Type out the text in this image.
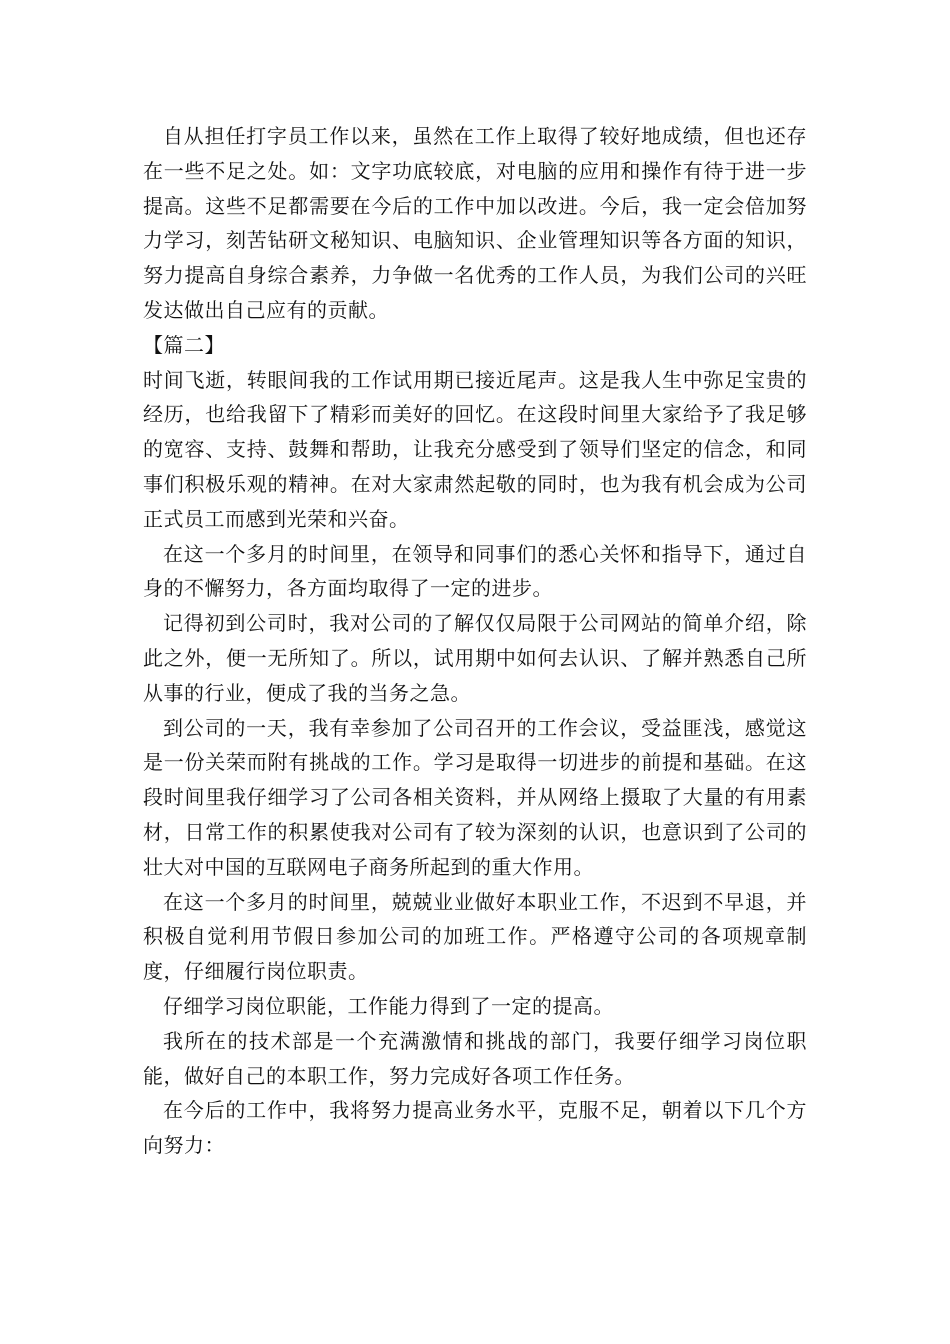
自从担任打字员工作以来，虽然在工作上取得了较好地成绩，但也还存在一些不足之处。如：文字功底较底，对电脑的应用和操作有待于进一步提高。这些不足都需要在今后的工作中加以改进。今后，我一定会倍加努力学习，刻苦钻研文秘知识、电脑知识、企业管理知识等各方面的知识，努力提高自身综合素养，力争做一名优秀的工作人员，为我们公司的兴旺发达做出自己应有的贡献。

【篇二】

时间飞逝，转眼间我的工作试用期已接近尾声。这是我人生中弥足宝贵的经历，也给我留下了精彩而美好的回忆。在这段时间里大家给予了我足够的宽容、支持、鼓舞和帮助，让我充分感受到了领导们坚定的信念，和同事们积极乐观的精神。在对大家肃然起敬的同时，也为我有机会成为公司正式员工而感到光荣和兴奋。

在这一个多月的时间里，在领导和同事们的悉心关怀和指导下，通过自身的不懈努力，各方面均取得了一定的进步。

记得初到公司时，我对公司的了解仅仅局限于公司网站的简单介绍，除此之外，便一无所知了。所以，试用期中如何去认识、了解并熟悉自己所从事的行业，便成了我的当务之急。

到公司的一天，我有幸参加了公司召开的工作会议，受益匪浅，感觉这是一份关荣而附有挑战的工作。学习是取得一切进步的前提和基础。在这段时间里我仔细学习了公司各相关资料，并从网络上摄取了大量的有用素材，日常工作的积累使我对公司有了较为深刻的认识，也意识到了公司的壮大对中国的互联网电子商务所起到的重大作用。

在这一个多月的时间里，兢兢业业做好本职业工作，不迟到不早退，并积极自觉利用节假日参加公司的加班工作。严格遵守公司的各项规章制度，仔细履行岗位职责。

仔细学习岗位职能，工作能力得到了一定的提高。

我所在的技术部是一个充满激情和挑战的部门，我要仔细学习岗位职能，做好自己的本职工作，努力完成好各项工作任务。

在今后的工作中，我将努力提高业务水平，克服不足，朝着以下几个方向努力：
